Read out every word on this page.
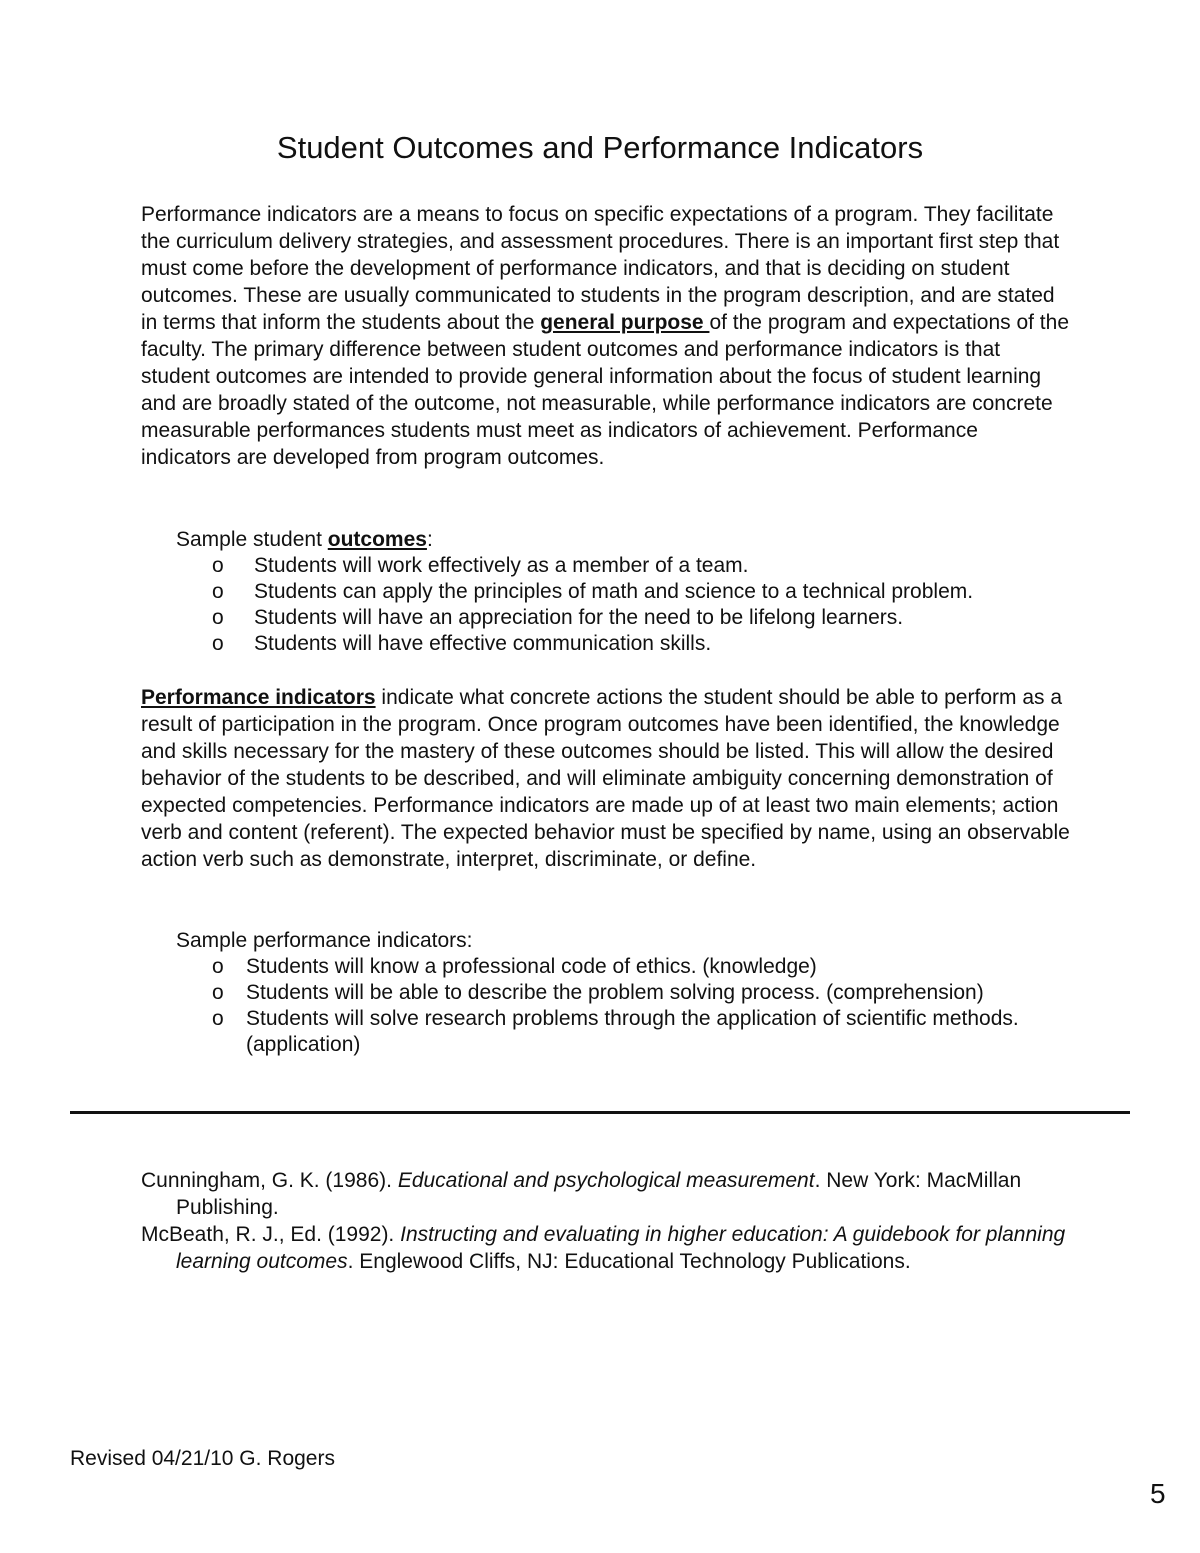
Student Outcomes and Performance Indicators

Performance indicators are a means to focus on specific expectations of a program. They facilitate the curriculum delivery strategies, and assessment procedures. There is an important first step that must come before the development of performance indicators, and that is deciding on student outcomes. These are usually communicated to students in the program description, and are stated in terms that inform the students about the general purpose of the program and expectations of the faculty. The primary difference between student outcomes and performance indicators is that student outcomes are intended to provide general information about the focus of student learning and are broadly stated of the outcome, not measurable, while performance indicators are concrete measurable performances students must meet as indicators of achievement. Performance indicators are developed from program outcomes.

Sample student outcomes:

o Students will work effectively as a member of a team.
o Students can apply the principles of math and science to a technical problem.
o Students will have an appreciation for the need to be lifelong learners.
o Students will have effective communication skills.

Performance indicators indicate what concrete actions the student should be able to perform as a result of participation in the program. Once program outcomes have been identified, the knowledge and skills necessary for the mastery of these outcomes should be listed. This will allow the desired behavior of the students to be described, and will eliminate ambiguity concerning demonstration of expected competencies. Performance indicators are made up of at least two main elements; action verb and content (referent). The expected behavior must be specified by name, using an observable action verb such as demonstrate, interpret, discriminate, or define.

Sample performance indicators:

o Students will know a professional code of ethics. (knowledge)
o Students will be able to describe the problem solving process. (comprehension)
o Students will solve research problems through the application of scientific methods. (application)

Cunningham, G. K. (1986). Educational and psychological measurement. New York: MacMillan Publishing.

McBeath, R. J., Ed. (1992). Instructing and evaluating in higher education: A guidebook for planning learning outcomes. Englewood Cliffs, NJ: Educational Technology Publications.

Revised 04/21/10 G. Rogers
5
